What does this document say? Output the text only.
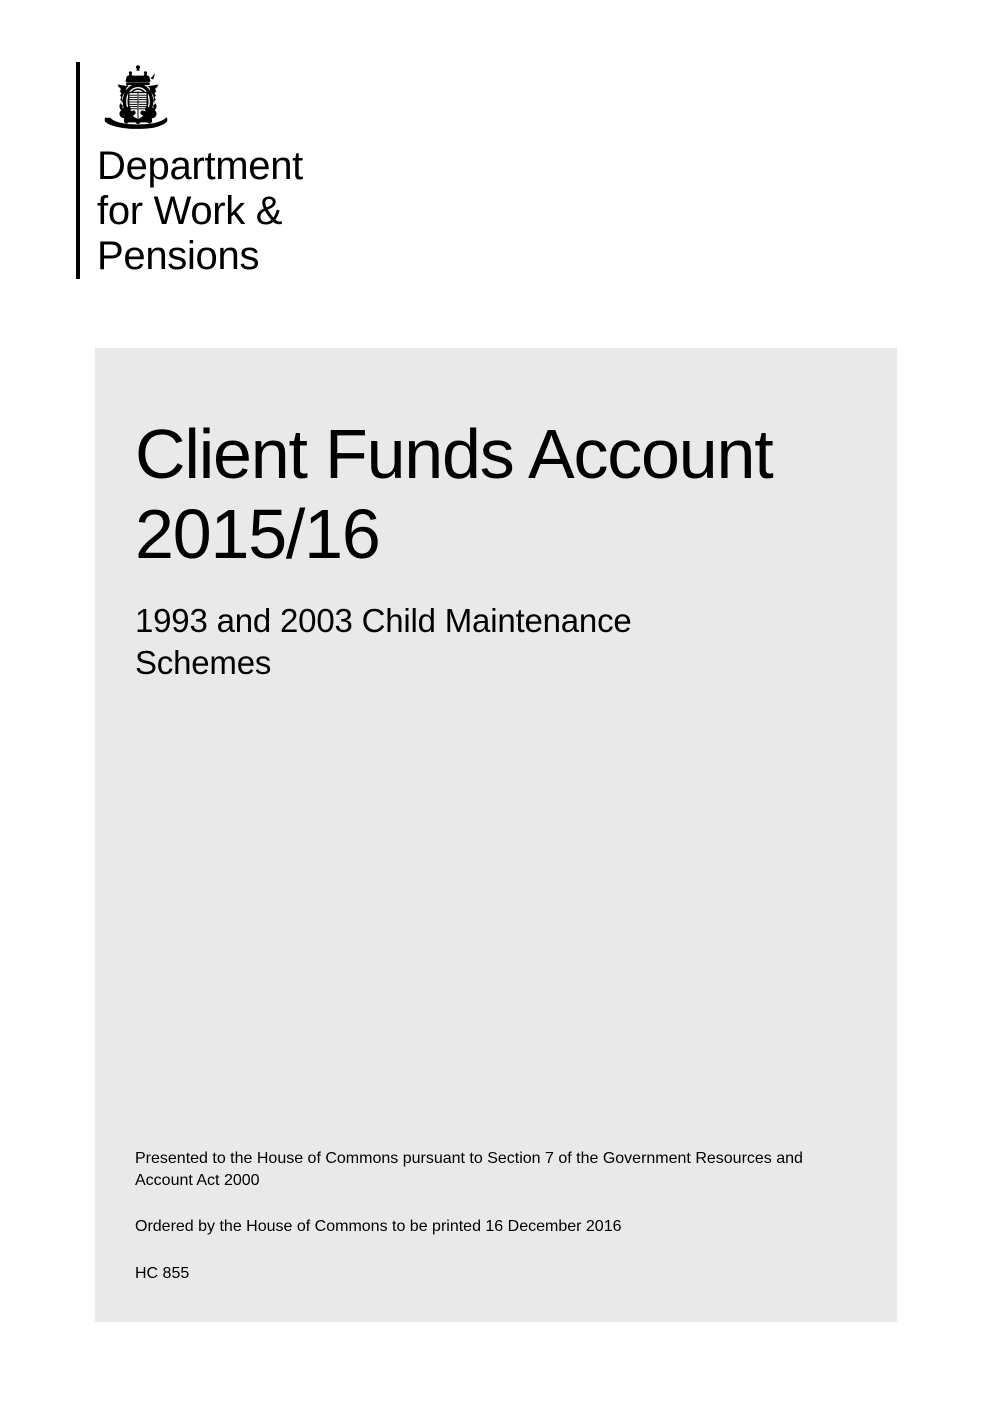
Department
for Work &
Pensions
Client Funds Account
2015/16

1993 and 2003 Child Maintenance Schemes

Presented to the House of Commons pursuant to Section 7 of the Government Resources and Account Act 2000

Ordered by the House of Commons to be printed 16 December 2016

HC 855
